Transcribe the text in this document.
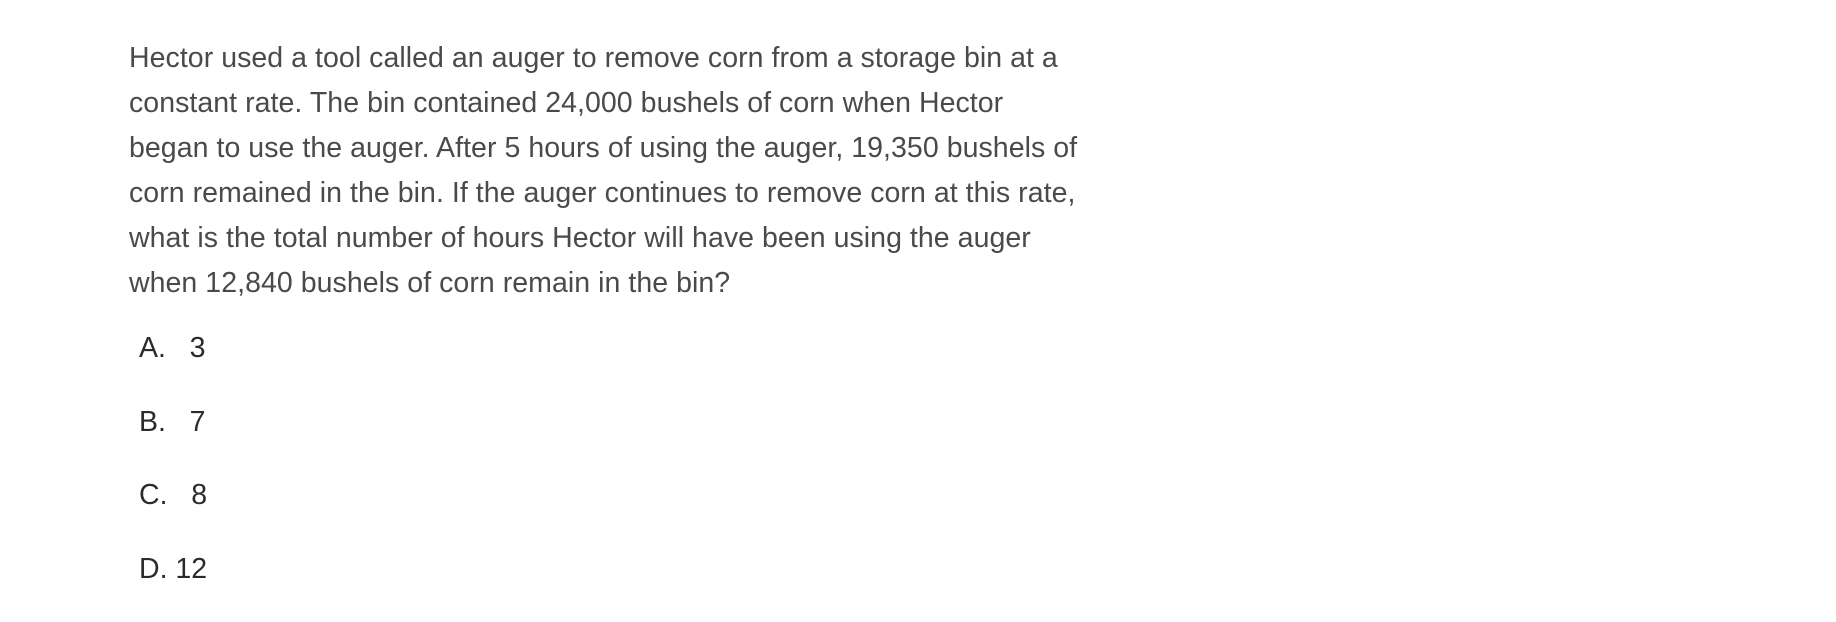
Hector used a tool called an auger to remove corn from a storage bin at a
constant rate. The bin contained 24,000 bushels of corn when Hector
began to use the auger. After 5 hours of using the auger, 19,350 bushels of
corn remained in the bin. If the auger continues to remove corn at this rate,
what is the total number of hours Hector will have been using the auger
when 12,840 bushels of corn remain in the bin?
A.   3
B.   7
C.   8
D. 12
